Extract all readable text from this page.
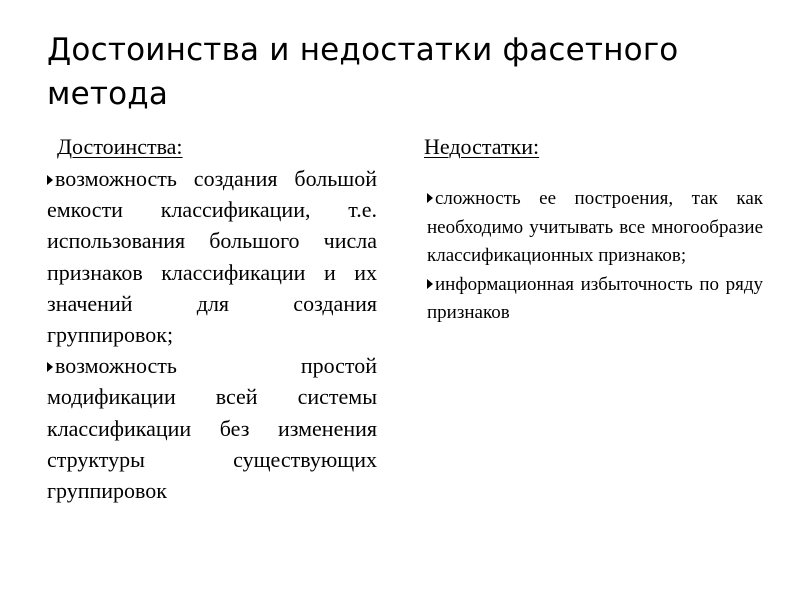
Достоинства и недостатки фасетного метода
Достоинства:

возможность создания большой емкости классификации, т.е. использования большого числа признаков классификации и их значений для создания группировок;

возможность простой модификации всей системы классификации без изменения структуры существующих группировок

Недостатки:

сложность ее построения, так как необходимо учитывать все многообразие классификационных признаков;

информационная избыточность по ряду признаков
